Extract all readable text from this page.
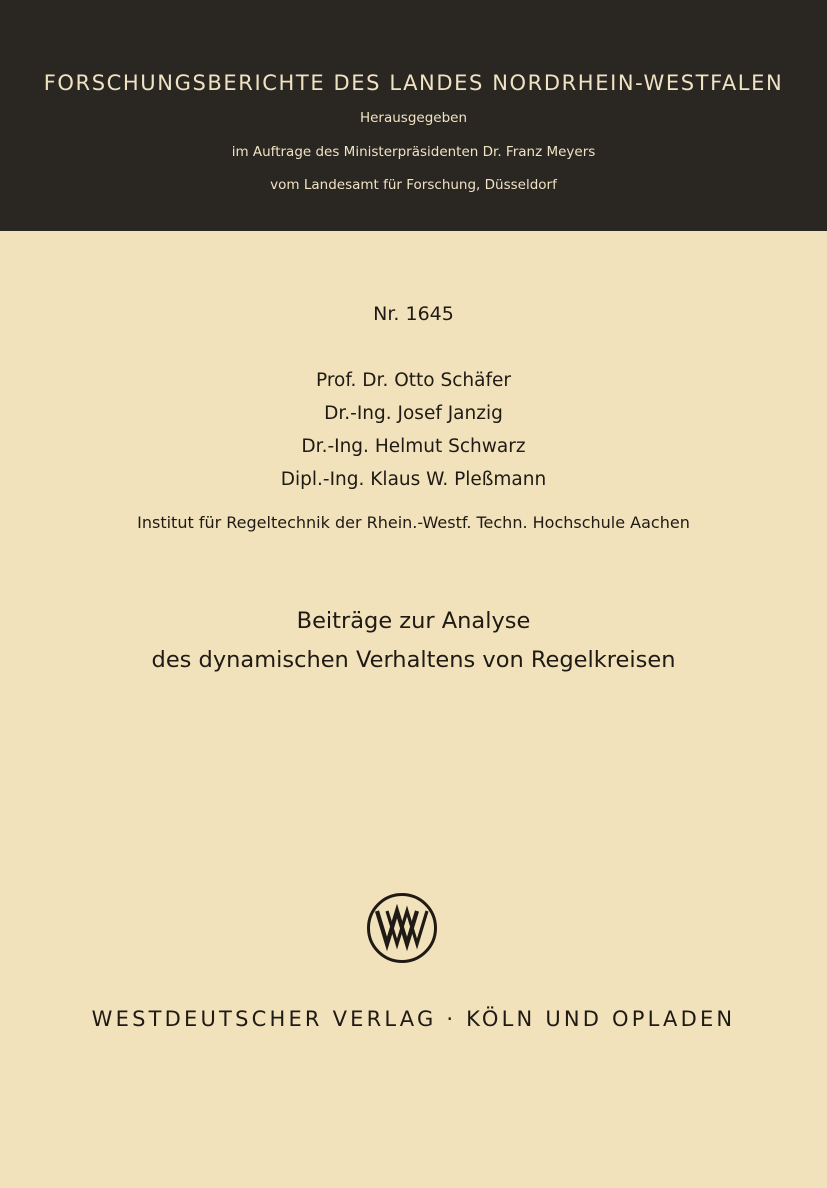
FORSCHUNGSBERICHTE DES LANDES NORDRHEIN-WESTFALEN
Herausgegeben
im Auftrage des Ministerpräsidenten Dr. Franz Meyers
vom Landesamt für Forschung, Düsseldorf
Nr. 1645
Prof. Dr. Otto Schäfer
Dr.-Ing. Josef Janzig
Dr.-Ing. Helmut Schwarz
Dipl.-Ing. Klaus W. Pleßmann
Institut für Regeltechnik der Rhein.-Westf. Techn. Hochschule Aachen
Beiträge zur Analyse
des dynamischen Verhaltens von Regelkreisen
WESTDEUTSCHER VERLAG · KÖLN UND OPLADEN
